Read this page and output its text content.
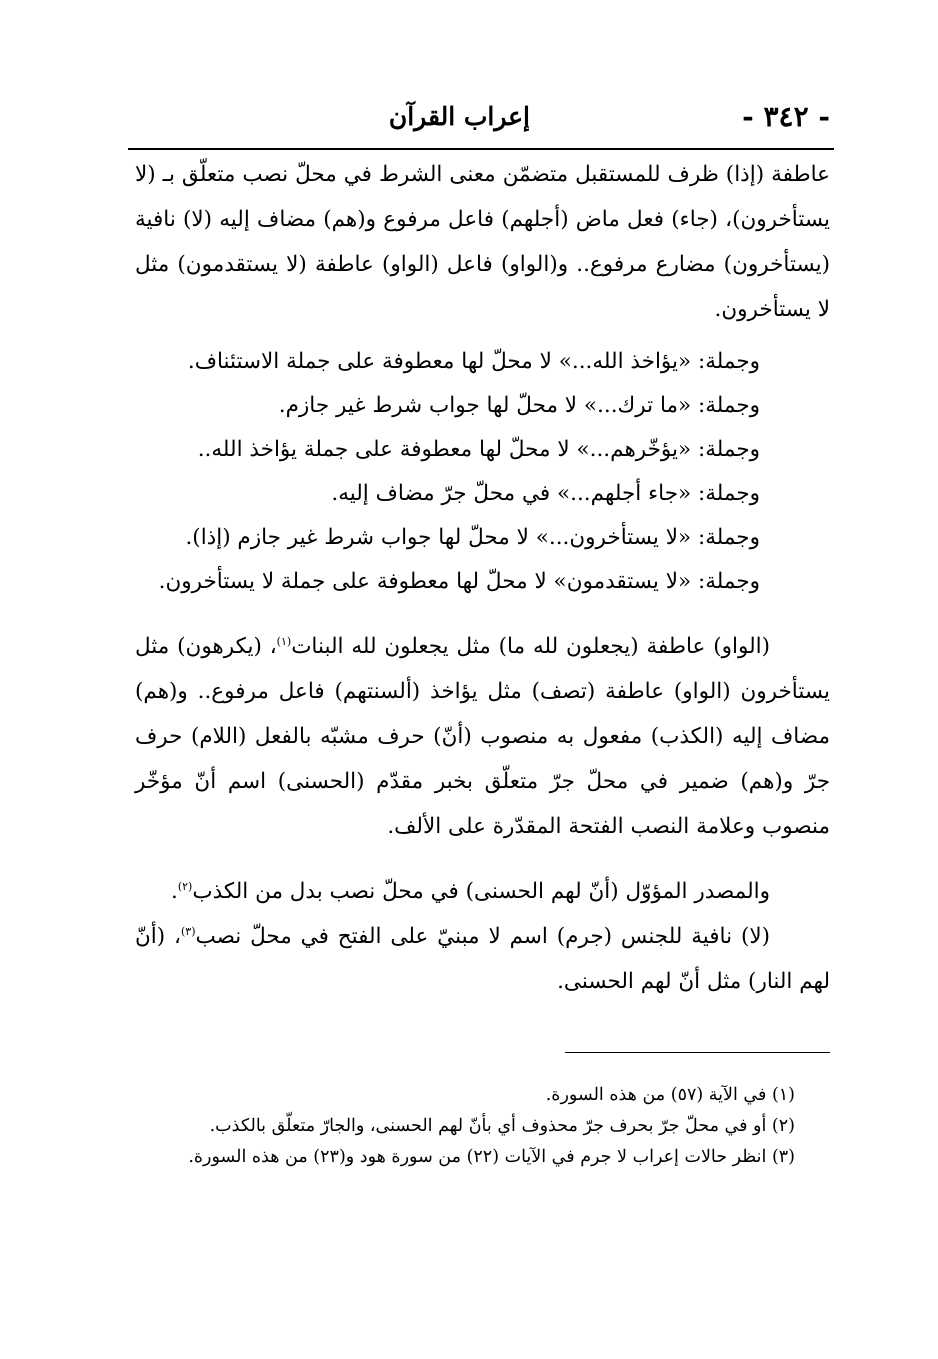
- ٣٤٢ -
إعراب القرآن

عاطفة (إذا) ظرف للمستقبل متضمّن معنى الشرط في محلّ نصب متعلّق بـ (لا يستأخرون)، (جاء) فعل ماض (أجلهم) فاعل مرفوع و(هم) مضاف إليه (لا) نافية (يستأخرون) مضارع مرفوع.. و(الواو) فاعل (الواو) عاطفة (لا يستقدمون) مثل لا يستأخرون.

وجملة: «يؤاخذ الله...» لا محلّ لها معطوفة على جملة الاستئناف.
وجملة: «ما ترك...» لا محلّ لها جواب شرط غير جازم.
وجملة: «يؤخّرهم...» لا محلّ لها معطوفة على جملة يؤاخذ الله..
وجملة: «جاء أجلهم...» في محلّ جرّ مضاف إليه.
وجملة: «لا يستأخرون...» لا محلّ لها جواب شرط غير جازم (إذا).
وجملة: «لا يستقدمون» لا محلّ لها معطوفة على جملة لا يستأخرون.

(الواو) عاطفة (يجعلون لله ما) مثل يجعلون لله البنات$^{(١)}$، (يكرهون) مثل يستأخرون (الواو) عاطفة (تصف) مثل يؤاخذ (ألسنتهم) فاعل مرفوع.. و(هم) مضاف إليه (الكذب) مفعول به منصوب (أنّ) حرف مشبّه بالفعل (اللام) حرف جرّ و(هم) ضمير في محلّ جرّ متعلّق بخبر مقدّم (الحسنى) اسم أنّ مؤخّر منصوب وعلامة النصب الفتحة المقدّرة على الألف.

والمصدر المؤوّل (أنّ لهم الحسنى) في محلّ نصب بدل من الكذب$^{(٢)}$.

(لا) نافية للجنس (جرم) اسم لا مبنيّ على الفتح في محلّ نصب$^{(٣)}$، (أنّ لهم النار) مثل أنّ لهم الحسنى.

(١) في الآية (٥٧) من هذه السورة.

(٢) أو في محلّ جرّ بحرف جرّ محذوف أي بأنّ لهم الحسنى، والجارّ متعلّق بالكذب.

(٣) انظر حالات إعراب لا جرم في الآيات (٢٢) من سورة هود و(٢٣) من هذه السورة.
